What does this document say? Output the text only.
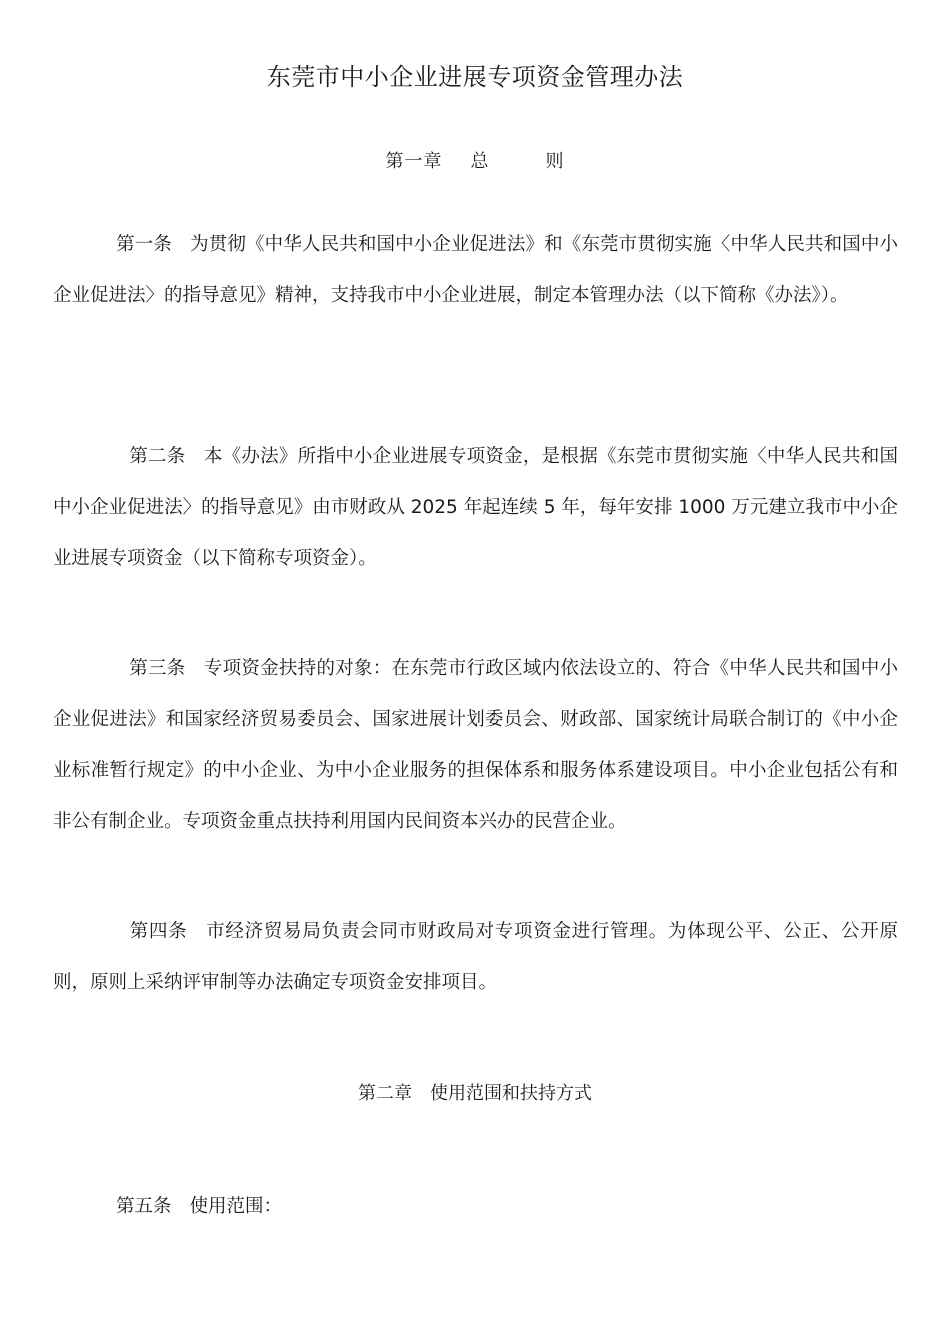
东莞市中小企业进展专项资金管理办法
第一章 总	则
第一条 为贯彻《中华人民共和国中小企业促进法》和《东莞市贯彻实施〈中华人民共和国中小企业促进法〉的指导意见》精神，支持我市中小企业进展，制定本管理办法（以下简称《办法》）。
第二条 本《办法》所指中小企业进展专项资金，是根据《东莞市贯彻实施〈中华人民共和国中小企业促进法〉的指导意见》由市财政从 2025 年起连续 5 年，每年安排 1000 万元建立我市中小企业进展专项资金（以下简称专项资金）。
第三条 专项资金扶持的对象：在东莞市行政区域内依法设立的、符合《中华人民共和国中小企业促进法》和国家经济贸易委员会、国家进展计划委员会、财政部、国家统计局联合制订的《中小企业标准暂行规定》的中小企业、为中小企业服务的担保体系和服务体系建设项目。中小企业包括公有和非公有制企业。专项资金重点扶持利用国内民间资本兴办的民营企业。
第四条 市经济贸易局负责会同市财政局对专项资金进行管理。为体现公平、公正、公开原则，原则上采纳评审制等办法确定专项资金安排项目。
第二章 使用范围和扶持方式
第五条 使用范围：
